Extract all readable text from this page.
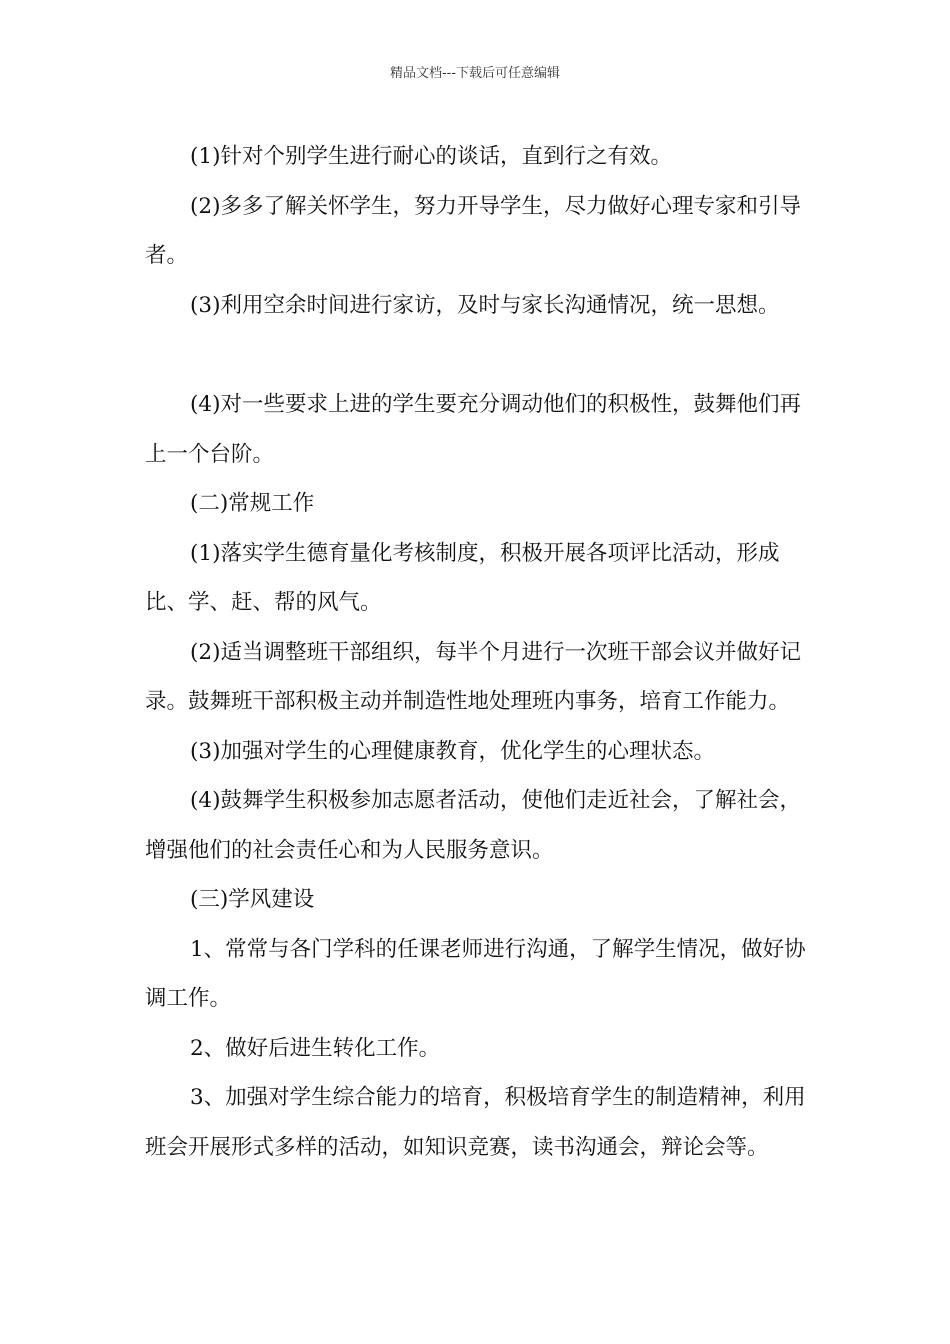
精品文档---下载后可任意编辑

(1)针对个别学生进行耐心的谈话，直到行之有效。

(2)多多了解关怀学生，努力开导学生，尽力做好心理专家和引导者。

(3)利用空余时间进行家访，及时与家长沟通情况，统一思想。

(4)对一些要求上进的学生要充分调动他们的积极性，鼓舞他们再上一个台阶。

(二)常规工作

(1)落实学生德育量化考核制度，积极开展各项评比活动，形成比、学、赶、帮的风气。

(2)适当调整班干部组织，每半个月进行一次班干部会议并做好记录。鼓舞班干部积极主动并制造性地处理班内事务，培育工作能力。

(3)加强对学生的心理健康教育，优化学生的心理状态。

(4)鼓舞学生积极参加志愿者活动，使他们走近社会，了解社会，增强他们的社会责任心和为人民服务意识。

(三)学风建设

1、常常与各门学科的任课老师进行沟通，了解学生情况，做好协调工作。

2、做好后进生转化工作。

3、加强对学生综合能力的培育，积极培育学生的制造精神，利用班会开展形式多样的活动，如知识竞赛，读书沟通会，辩论会等。
